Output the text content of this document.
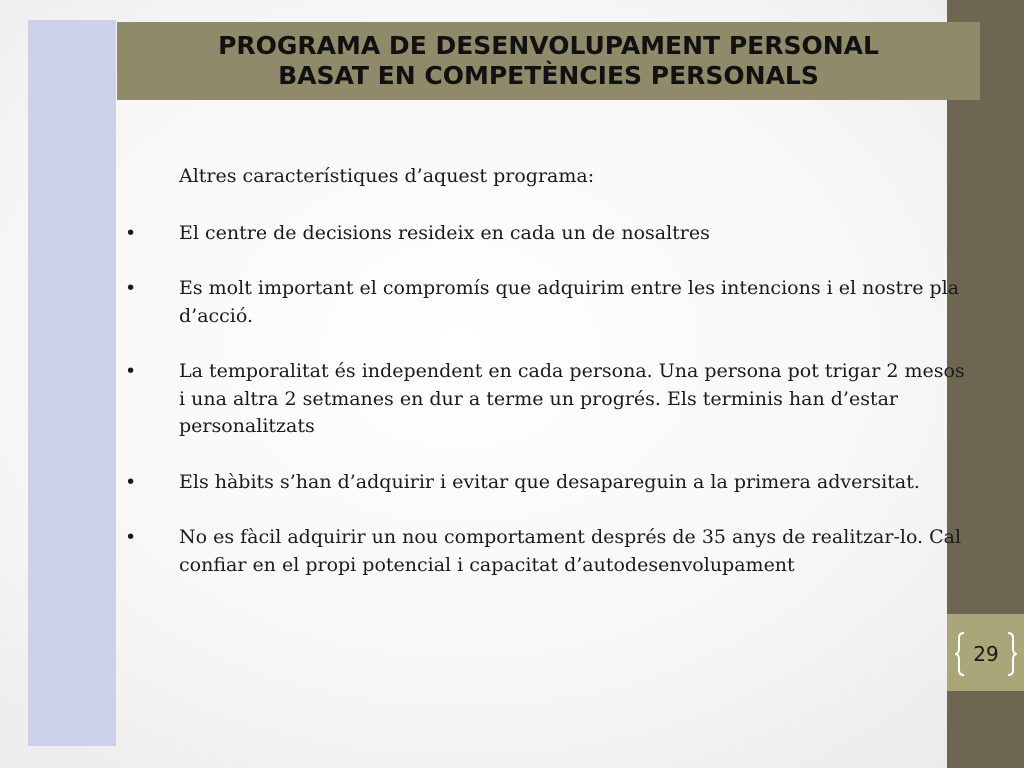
PROGRAMA DE DESENVOLUPAMENT PERSONAL
BASAT EN COMPETÈNCIES PERSONALS

Altres característiques d’aquest programa:

• El centre de decisions resideix en cada un de nosaltres
• Es molt important el compromís que adquirim entre les intencions i el nostre pla d’acció.
• La temporalitat és independent en cada persona. Una persona pot trigar 2 mesos i una altra 2 setmanes en dur a terme un progrés. Els terminis han d’estar personalitzats
• Els hàbits s’han d’adquirir i evitar que desapareguin a la primera adversitat.
• No es fàcil adquirir un nou comportament després de 35 anys de realitzar-lo. Cal confiar en el propi potencial i capacitat d’autodesenvolupament
29
